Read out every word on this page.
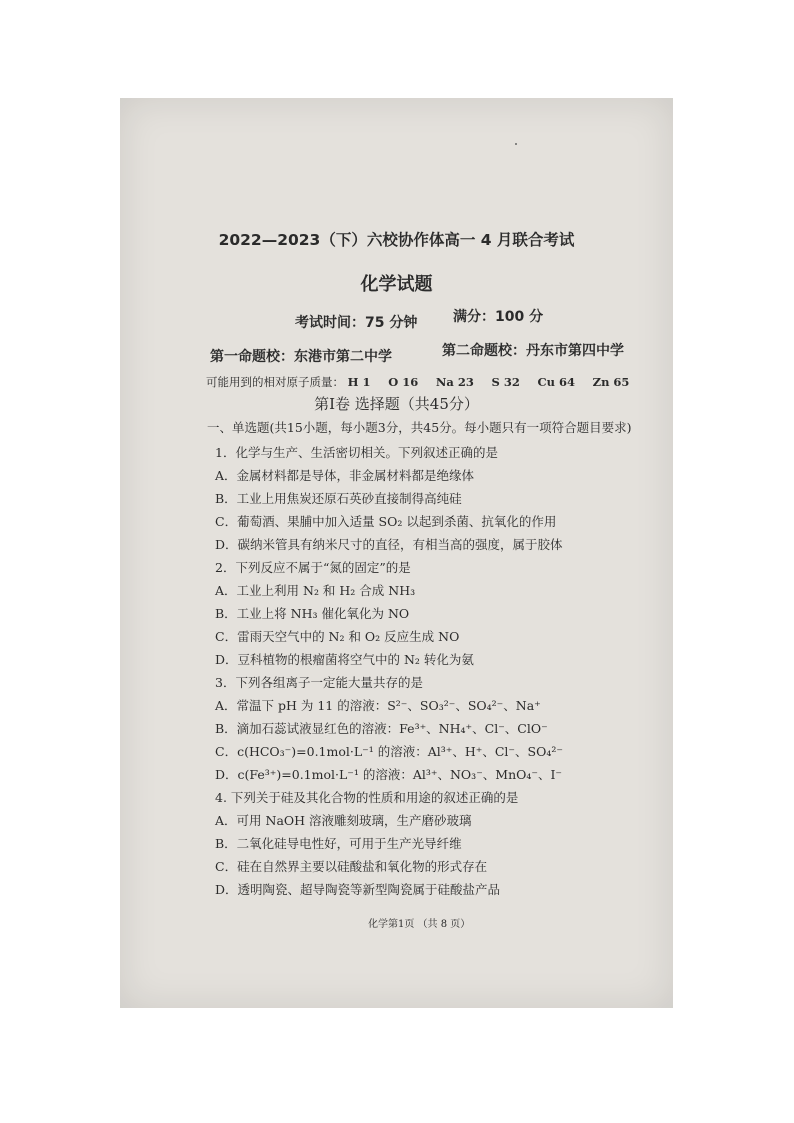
2022—2023（下）六校协作体高一 4 月联合考试
化学试题
考试时间：75 分钟	满分：100 分
第一命题校：东港市第二中学	第二命题校：丹东市第四中学
可能用到的相对原子质量： H 1 O 16 Na 23 S 32 Cu 64 Zn 65
第I卷 选择题（共45分）
一、单选题(共15小题，每小题3分，共45分。每小题只有一项符合题目要求)
1．化学与生产、生活密切相关。下列叙述正确的是
A．金属材料都是导体，非金属材料都是绝缘体
B．工业上用焦炭还原石英砂直接制得高纯硅
C．葡萄酒、果脯中加入适量 SO₂ 以起到杀菌、抗氧化的作用
D．碳纳米管具有纳米尺寸的直径，有相当高的强度，属于胶体
2．下列反应不属于“氮的固定”的是
A．工业上利用 N₂ 和 H₂ 合成 NH₃
B．工业上将 NH₃ 催化氧化为 NO
C．雷雨天空气中的 N₂ 和 O₂ 反应生成 NO
D．豆科植物的根瘤菌将空气中的 N₂ 转化为氨
3．下列各组离子一定能大量共存的是
A．常温下 pH 为 11 的溶液：S²⁻、SO₃²⁻、SO₄²⁻、Na⁺
B．滴加石蕊试液显红色的溶液：Fe³⁺、NH₄⁺、Cl⁻、ClO⁻
C．c(HCO₃⁻)=0.1mol·L⁻¹ 的溶液：Al³⁺、H⁺、Cl⁻、SO₄²⁻
D．c(Fe³⁺)=0.1mol·L⁻¹ 的溶液：Al³⁺、NO₃⁻、MnO₄⁻、I⁻
4. 下列关于硅及其化合物的性质和用途的叙述正确的是
A．可用 NaOH 溶液雕刻玻璃，生产磨砂玻璃
B．二氧化硅导电性好，可用于生产光导纤维
C．硅在自然界主要以硅酸盐和氧化物的形式存在
D．透明陶瓷、超导陶瓷等新型陶瓷属于硅酸盐产品
化学第1页 （共 8 页）
